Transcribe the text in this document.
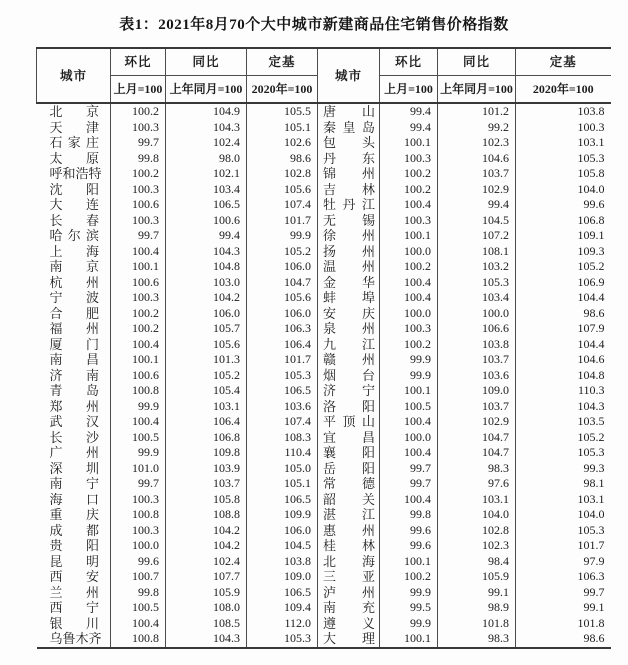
表1：2021年8月70个大中城市新建商品住宅销售价格指数
城市	环比	同比	定基	城市	环比	同比	定基
	上月=100	上年同月=100	2020年=100		上月=100	上年同月=100	2020年=100

北 京	100.2	104.9	105.5	唐 山	99.4	101.2	103.8

天 津	100.3	104.3	105.1	秦 皇 岛	99.4	99.2	100.3

石 家 庄	99.7	102.4	102.6	包 头	100.1	102.3	103.1

太 原	99.8	98.0	98.6	丹 东	100.3	104.6	105.3

呼 和 浩 特	100.2	102.1	102.8	锦 州	100.2	103.7	105.8

沈 阳	100.3	103.4	105.6	吉 林	100.2	102.9	104.0

大 连	100.6	106.5	107.4	牡 丹 江	100.4	99.4	99.6

长 春	100.3	100.6	101.7	无 锡	100.3	104.5	106.8

哈 尔 滨	99.7	99.4	99.9	徐 州	100.1	107.2	109.1

上 海	100.4	104.3	105.2	扬 州	100.0	108.1	109.3

南 京	100.1	104.8	106.0	温 州	100.2	103.2	105.2

杭 州	100.6	103.0	104.7	金 华	100.4	105.3	106.9

宁 波	100.3	104.2	105.6	蚌 埠	100.4	103.4	104.4

合 肥	100.2	106.0	106.0	安 庆	100.0	100.0	98.6

福 州	100.2	105.7	106.3	泉 州	100.3	106.6	107.9

厦 门	100.4	105.6	106.4	九 江	100.2	103.8	104.4

南 昌	100.1	101.3	101.7	赣 州	99.9	103.7	104.6

济 南	100.6	105.2	105.3	烟 台	99.9	103.6	104.8

青 岛	100.8	105.4	106.5	济 宁	100.1	109.0	110.3

郑 州	99.9	103.1	103.6	洛 阳	100.5	103.7	104.3

武 汉	100.4	106.4	107.4	平 顶 山	100.4	102.9	103.5

长 沙	100.5	106.8	108.3	宜 昌	100.0	104.7	105.2

广 州	99.9	109.8	110.4	襄 阳	100.4	104.7	105.3

深 圳	101.0	103.9	105.0	岳 阳	99.7	98.3	99.3

南 宁	99.7	103.7	105.1	常 德	99.7	97.6	98.1

海 口	100.3	105.8	106.5	韶 关	100.4	103.1	103.1

重 庆	100.8	108.8	109.9	湛 江	99.8	104.0	104.0

成 都	100.3	104.2	106.0	惠 州	99.6	102.8	105.3

贵 阳	100.0	104.2	104.5	桂 林	99.6	102.3	101.7

昆 明	99.6	102.4	103.8	北 海	100.1	98.4	97.9

西 安	100.7	107.7	109.0	三 亚	100.2	105.9	106.3

兰 州	99.8	105.9	106.5	泸 州	99.9	99.1	99.7

西 宁	100.5	108.0	109.4	南 充	99.5	98.9	99.1

银 川	100.4	108.5	112.0	遵 义	99.9	101.8	101.8

乌 鲁 木 齐	100.8	104.3	105.3	大 理	100.1	98.3	98.6
